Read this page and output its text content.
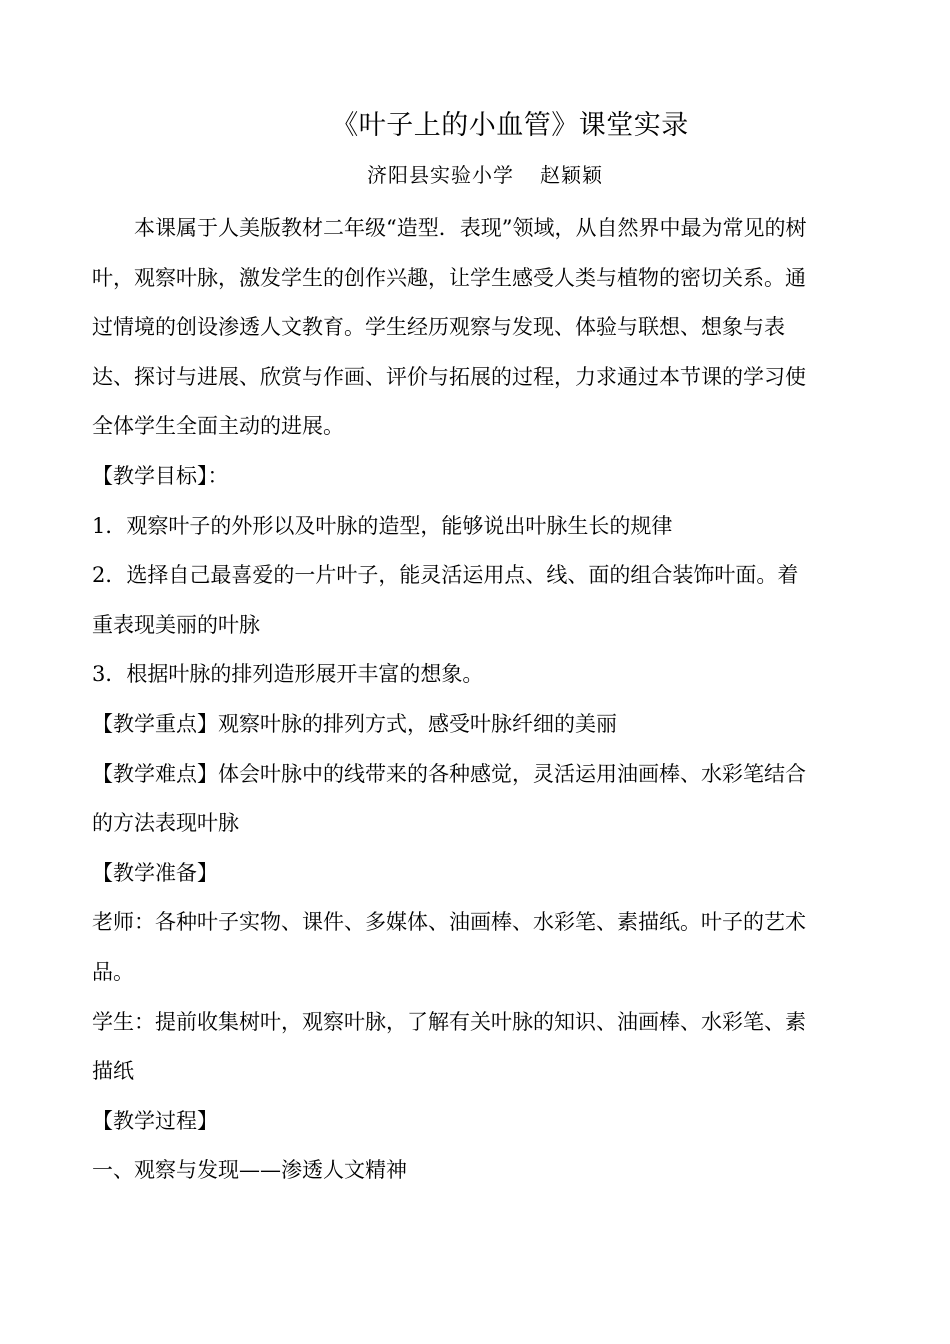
《叶子上的小血管》课堂实录
济阳县实验小学 赵颖颖

本课属于人美版教材二年级“造型．表现”领域，从自然界中最为常见的树

叶，观察叶脉，激发学生的创作兴趣，让学生感受人类与植物的密切关系。通

过情境的创设渗透人文教育。学生经历观察与发现、体验与联想、想象与表

达、探讨与进展、欣赏与作画、评价与拓展的过程，力求通过本节课的学习使

全体学生全面主动的进展。

【教学目标】：

1．观察叶子的外形以及叶脉的造型，能够说出叶脉生长的规律

2．选择自己最喜爱的一片叶子，能灵活运用点、线、面的组合装饰叶面。着

重表现美丽的叶脉

3．根据叶脉的排列造形展开丰富的想象。

【教学重点】观察叶脉的排列方式，感受叶脉纤细的美丽

【教学难点】体会叶脉中的线带来的各种感觉，灵活运用油画棒、水彩笔结合

的方法表现叶脉

【教学准备】

老师：各种叶子实物、课件、多媒体、油画棒、水彩笔、素描纸。叶子的艺术

品。

学生：提前收集树叶，观察叶脉，了解有关叶脉的知识、油画棒、水彩笔、素

描纸

【教学过程】

一、观察与发现——渗透人文精神
